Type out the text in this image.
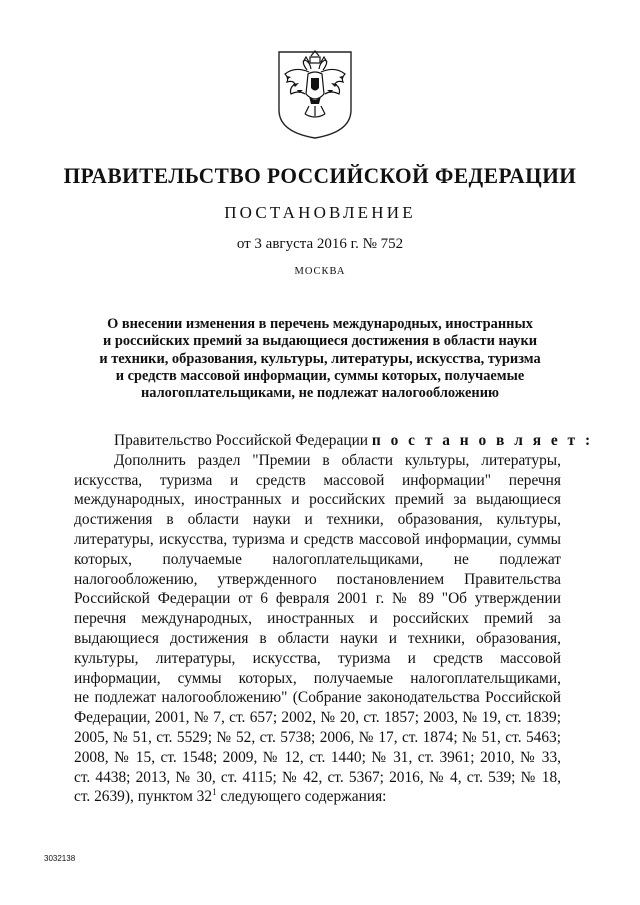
ПРАВИТЕЛЬСТВО РОССИЙСКОЙ ФЕДЕРАЦИИ
ПОСТАНОВЛЕНИЕ
от 3 августа 2016 г. № 752
МОСКВА
О внесении изменения в перечень международных, иностранных
и российских премий за выдающиеся достижения в области науки
и техники, образования, культуры, литературы, искусства, туризма
и средств массовой информации, суммы которых, получаемые
налогоплательщиками, не подлежат налогообложению
Правительство Российской Федерации п о с т а н о в л я е т :
Дополнить раздел "Премии в области культуры, литературы,
искусства, туризма и средств массовой информации" перечня
международных, иностранных и российских премий за выдающиеся
достижения в области науки и техники, образования, культуры,
литературы, искусства, туризма и средств массовой информации, суммы
которых, получаемые налогоплательщиками, не подлежат
налогообложению, утвержденного постановлением Правительства
Российской Федерации от 6 февраля 2001 г. № 89 "Об утверждении
перечня международных, иностранных и российских премий за
выдающиеся достижения в области науки и техники, образования,
культуры, литературы, искусства, туризма и средств массовой
информации, суммы которых, получаемые налогоплательщиками,
не подлежат налогообложению" (Собрание законодательства Российской
Федерации, 2001, № 7, ст. 657; 2002, № 20, ст. 1857; 2003, № 19, ст. 1839;
2005, № 51, ст. 5529; № 52, ст. 5738; 2006, № 17, ст. 1874; № 51, ст. 5463;
2008, № 15, ст. 1548; 2009, № 12, ст. 1440; № 31, ст. 3961; 2010, № 33,
ст. 4438; 2013, № 30, ст. 4115; № 42, ст. 5367; 2016, № 4, ст. 539; № 18,
ст. 2639), пунктом $32^1$ следующего содержания:
3032138
